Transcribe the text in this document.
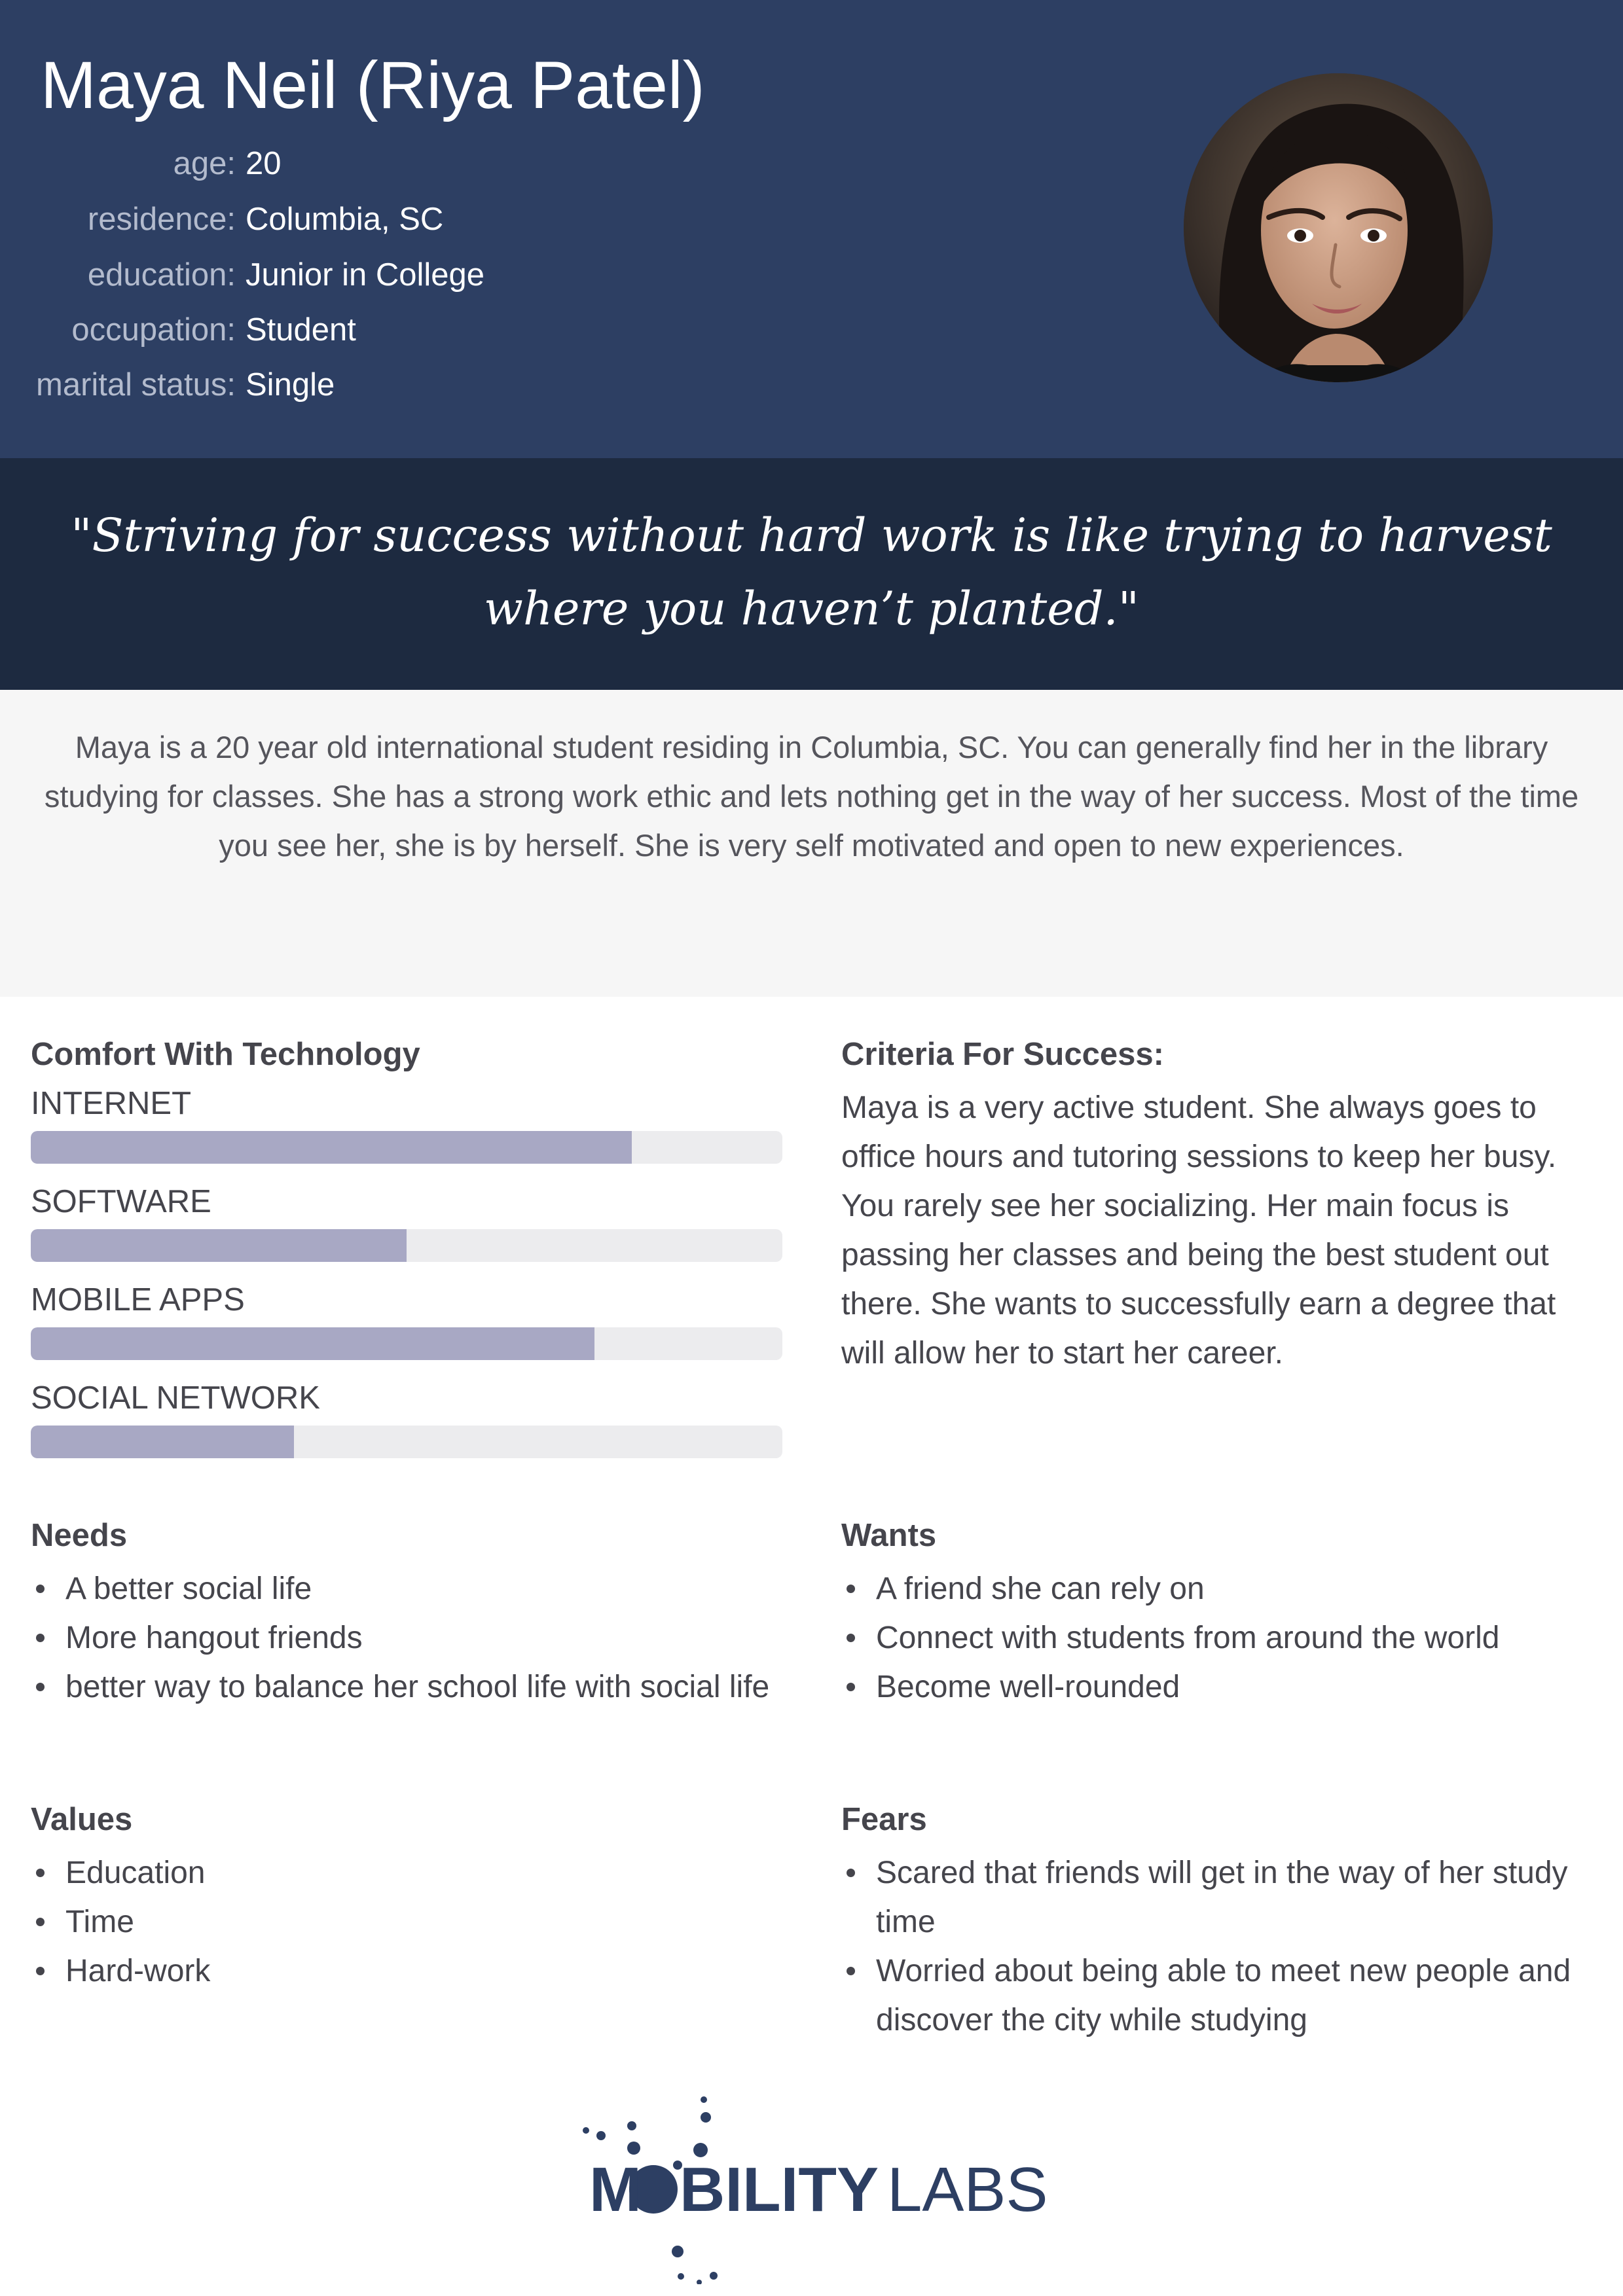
Maya Neil (Riya Patel)
age: 20
residence: Columbia, SC
education: Junior in College
occupation: Student
marital status: Single

"Striving for success without hard work is like trying to harvest where you haven’t planted."

Maya is a 20 year old international student residing in Columbia, SC. You can generally find her in the library studying for classes. She has a strong work ethic and lets nothing get in the way of her success. Most of the time you see her, she is by herself. She is very self motivated and open to new experiences.

Comfort With Technology
INTERNET
SOFTWARE
MOBILE APPS
SOCIAL NETWORK
Criteria For Success:

Maya is a very active student. She always goes to office hours and tutoring sessions to keep her busy. You rarely see her socializing. Her main focus is passing her classes and being the best student out there. She wants to successfully earn a degree that will allow her to start her career.

Needs
A better social life
More hangout friends
better way to balance her school life with social life
Wants
A friend she can rely on
Connect with students from around the world
Become well-rounded
Values
Education
Time
Hard-work
Fears
Scared that friends will get in the way of her study time
Worried about being able to meet new people and discover the city while studying
M BILITY LABS
